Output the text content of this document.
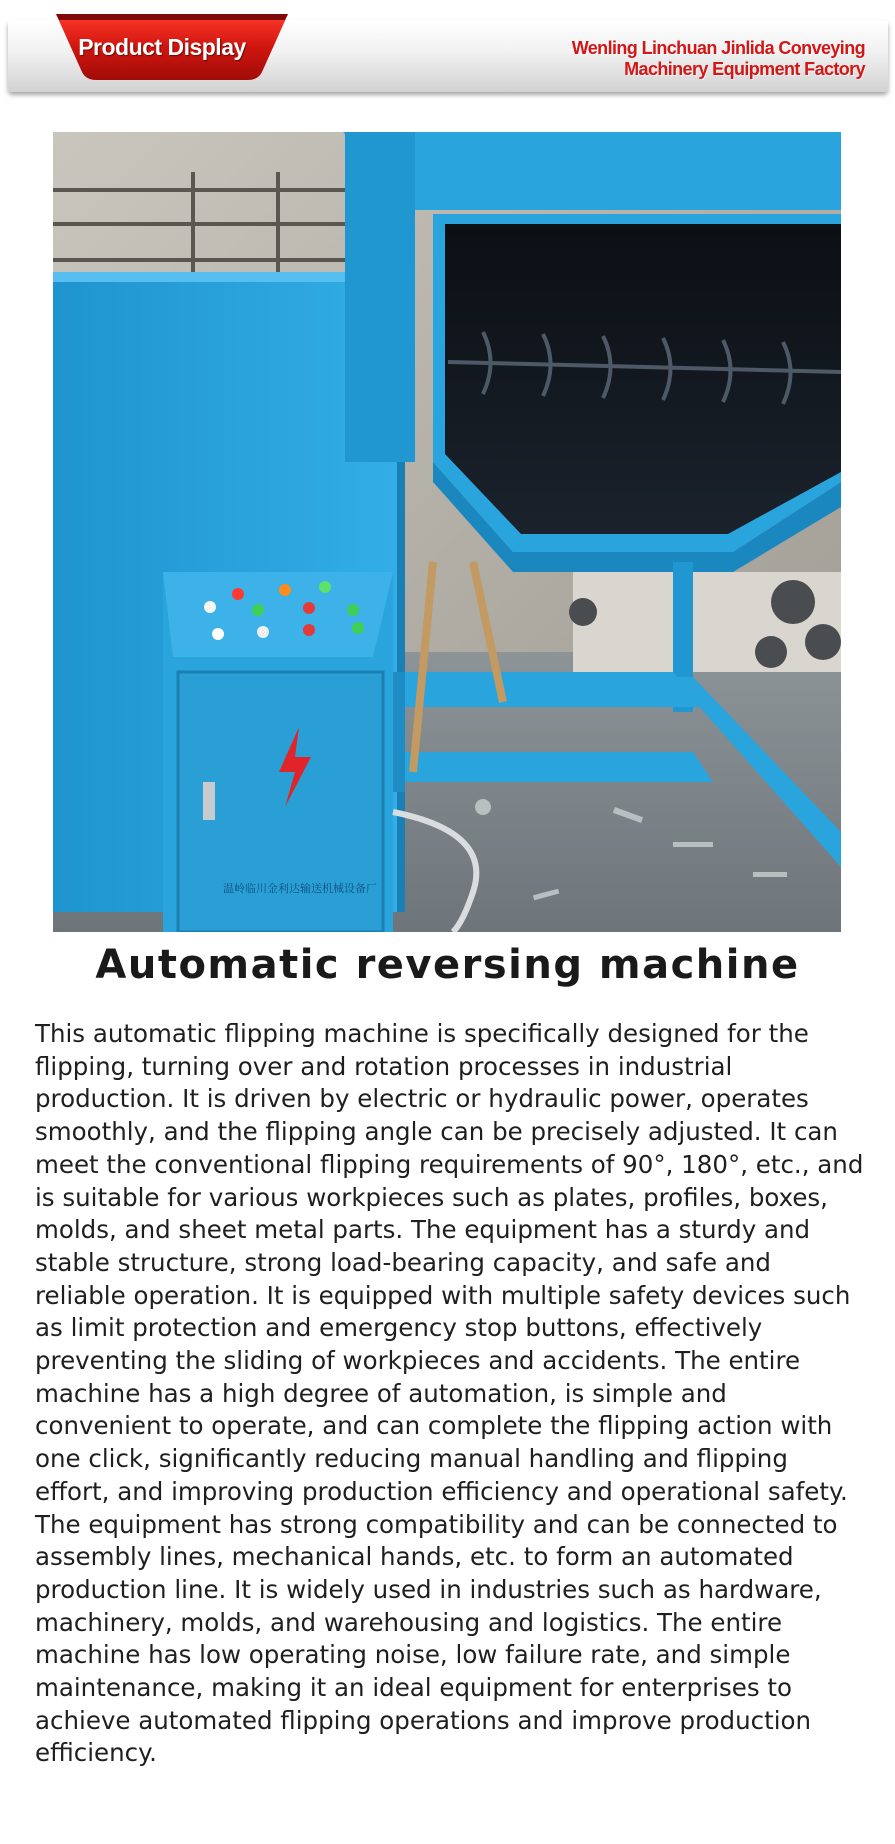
Product Display	Wenling Linchuan Jinlida Conveying
Machinery Equipment Factory
温岭临川金利达输送机械设备厂
Automatic reversing machine

This automatic flipping machine is specifically designed for the flipping, turning over and rotation processes in industrial production. It is driven by electric or hydraulic power, operates smoothly, and the flipping angle can be precisely adjusted. It can meet the conventional flipping requirements of 90°, 180°, etc., and is suitable for various workpieces such as plates, profiles, boxes, molds, and sheet metal parts. The equipment has a sturdy and stable structure, strong load-bearing capacity, and safe and reliable operation. It is equipped with multiple safety devices such as limit protection and emergency stop buttons, effectively preventing the sliding of workpieces and accidents. The entire machine has a high degree of automation, is simple and convenient to operate, and can complete the flipping action with one click, significantly reducing manual handling and flipping effort, and improving production efficiency and operational safety. The equipment has strong compatibility and can be connected to assembly lines, mechanical hands, etc. to form an automated production line. It is widely used in industries such as hardware, machinery, molds, and warehousing and logistics. The entire machine has low operating noise, low failure rate, and simple maintenance, making it an ideal equipment for enterprises to achieve automated flipping operations and improve production efficiency.
